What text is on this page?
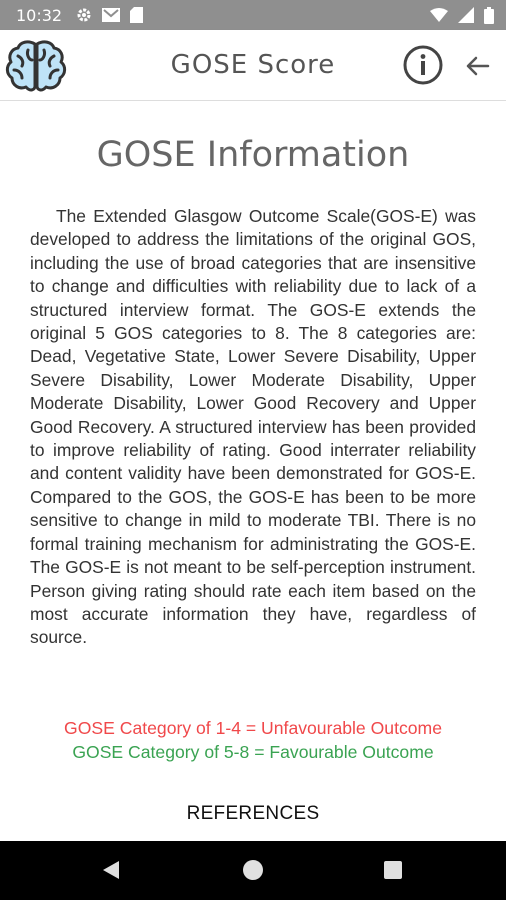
10:32
GOSE Score
GOSE Information
The Extended Glasgow Outcome Scale(GOS-E) was developed to address the limitations of the original GOS, including the use of broad categories that are insensitive to change and difficulties with reliability due to lack of a structured interview format. The GOS-E extends the original 5 GOS categories to 8. The 8 categories are: Dead, Vegetative State, Lower Severe Disability, Upper Severe Disability, Lower Moderate Disability, Upper Moderate Disability, Lower Good Recovery and Upper Good Recovery. A structured interview has been provided to improve reliability of rating. Good interrater reliability and content validity have been demonstrated for GOS-E. Compared to the GOS, the GOS-E has been to be more sensitive to change in mild to moderate TBI. There is no formal training mechanism for administrating the GOS-E. The GOS-E is not meant to be self-perception instrument. Person giving rating should rate each item based on the most accurate information they have, regardless of source.
GOSE Category of 1-4 = Unfavourable Outcome
GOSE Category of 5-8 = Favourable Outcome
REFERENCES
